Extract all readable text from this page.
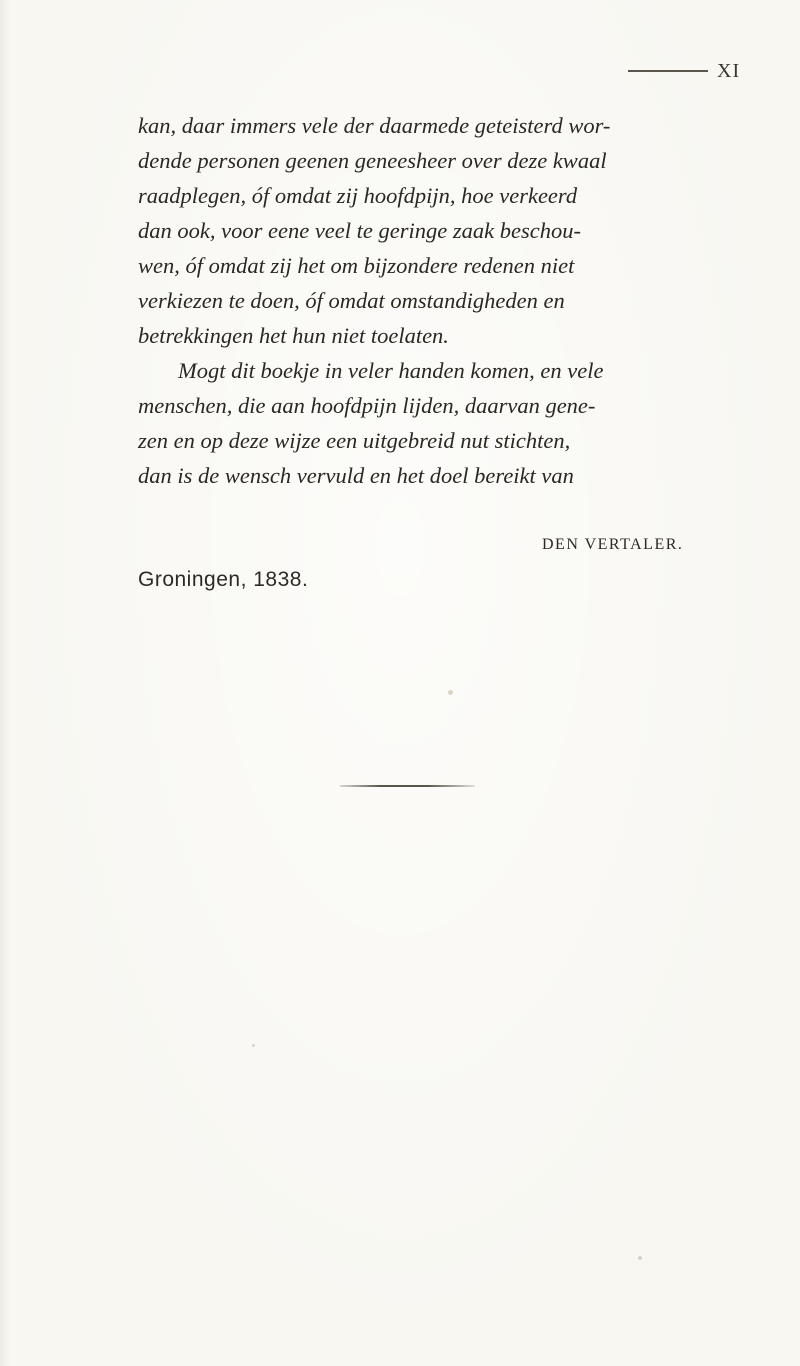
XI
kan, daar immers vele der daarmede geteisterd wor-
dende personen geenen geneesheer over deze kwaal
raadplegen, óf omdat zij hoofdpijn, hoe verkeerd
dan ook, voor eene veel te geringe zaak beschou-
wen, óf omdat zij het om bijzondere redenen niet
verkiezen te doen, óf omdat omstandigheden en
betrekkingen het hun niet toelaten.
Mogt dit boekje in veler handen komen, en vele
menschen, die aan hoofdpijn lijden, daarvan gene-
zen en op deze wijze een uitgebreid nut stichten,
dan is de wensch vervuld en het doel bereikt van
DEN VERTALER.
Groningen, 1838.
